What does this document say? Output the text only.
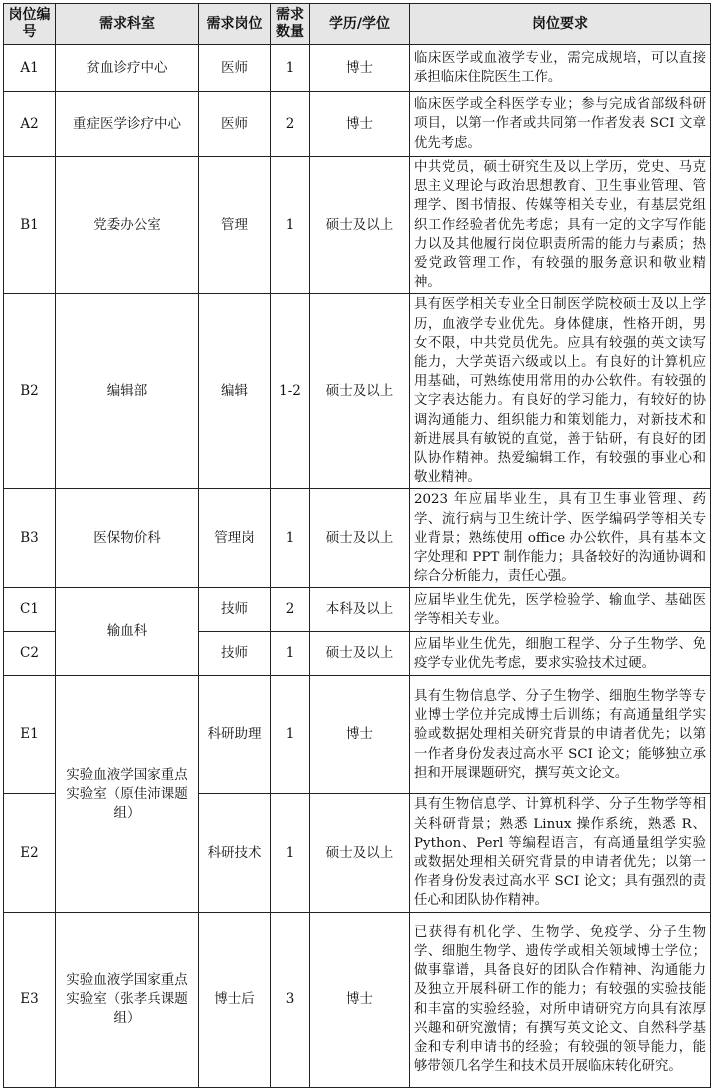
岗位编号	需求科室	需求岗位	需求数量	学历/学位	岗位要求
A1	贫血诊疗中心	医师	1	博士	临床医学或血液学专业，需完成规培，可以直接承担临床住院医生工作。
A2	重症医学诊疗中心	医师	2	博士	临床医学或全科医学专业；参与完成省部级科研项目，以第一作者或共同第一作者发表 SCI 文章优先考虑。
B1	党委办公室	管理	1	硕士及以上	中共党员，硕士研究生及以上学历，党史、马克思主义理论与政治思想教育、卫生事业管理、管理学、图书情报、传媒等相关专业，有基层党组织工作经验者优先考虑；具有一定的文字写作能力以及其他履行岗位职责所需的能力与素质；热爱党政管理工作，有较强的服务意识和敬业精神。
B2	编辑部	编辑	1-2	硕士及以上	具有医学相关专业全日制医学院校硕士及以上学历，血液学专业优先。身体健康，性格开朗，男女不限，中共党员优先。应具有较强的英文读写能力，大学英语六级或以上。有良好的计算机应用基础，可熟练使用常用的办公软件。有较强的文字表达能力。有良好的学习能力，有较好的协调沟通能力、组织能力和策划能力，对新技术和新进展具有敏锐的直觉，善于钻研，有良好的团队协作精神。热爱编辑工作，有较强的事业心和敬业精神。
B3	医保物价科	管理岗	1	硕士及以上	2023 年应届毕业生，具有卫生事业管理、药学、流行病与卫生统计学、医学编码学等相关专业背景；熟练使用 office 办公软件，具有基本文字处理和 PPT 制作能力；具备较好的沟通协调和综合分析能力，责任心强。
C1	输血科	技师	2	本科及以上	应届毕业生优先，医学检验学、输血学、基础医学等相关专业。
C2		技师	1	硕士及以上	应届毕业生优先，细胞工程学、分子生物学、免疫学专业优先考虑，要求实验技术过硬。
E1	实验血液学国家重点实验室（原佳沛课题组）	科研助理	1	博士	具有生物信息学、分子生物学、细胞生物学等专业博士学位并完成博士后训练；有高通量组学实验或数据处理相关研究背景的申请者优先；以第一作者身份发表过高水平 SCI 论文；能够独立承担和开展课题研究，撰写英文论文。
E2		科研技术	1	硕士及以上	具有生物信息学、计算机科学、分子生物学等相关科研背景；熟悉 Linux 操作系统，熟悉 R、Python、Perl 等编程语言，有高通量组学实验或数据处理相关研究背景的申请者优先；以第一作者身份发表过高水平 SCI 论文；具有强烈的责任心和团队协作精神。
E3	实验血液学国家重点实验室（张孝兵课题组）	博士后	3	博士	已获得有机化学、生物学、免疫学、分子生物学、细胞生物学、遗传学或相关领域博士学位；做事靠谱，具备良好的团队合作精神、沟通能力及独立开展科研工作的能力；有较强的实验技能和丰富的实验经验，对所申请研究方向具有浓厚兴趣和研究激情；有撰写英文论文、自然科学基金和专利申请书的经验；有较强的领导能力，能够带领几名学生和技术员开展临床转化研究。
